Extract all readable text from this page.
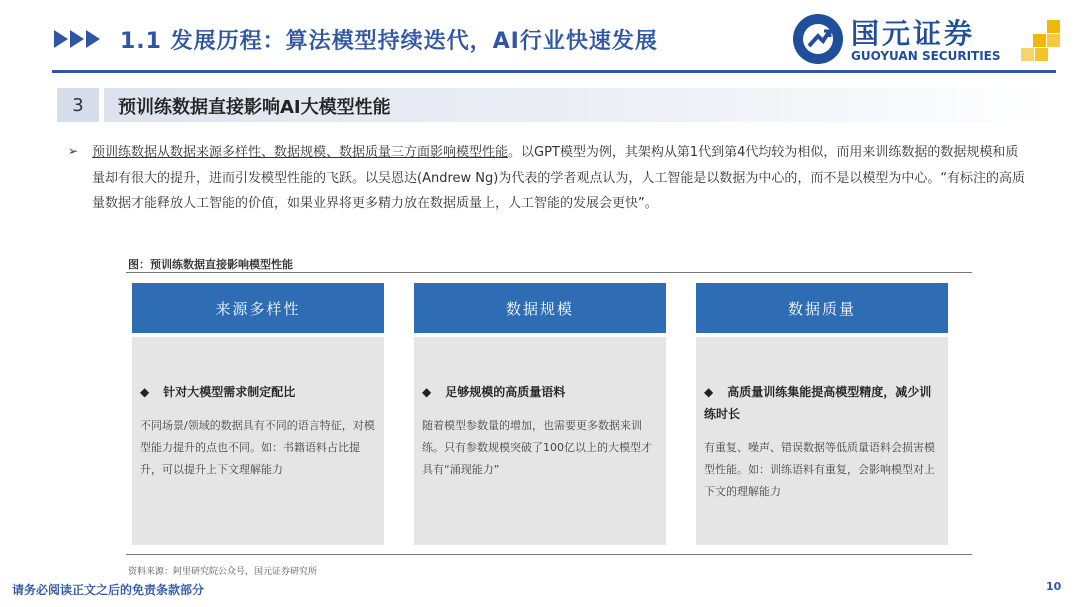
1.1 发展历程：算法模型持续迭代，AI行业快速发展	国元证券
GUOYUAN SECURITIES
3	预训练数据直接影响AI大模型性能
➢ 预训练数据从数据来源多样性、数据规模、数据质量三方面影响模型性能。以GPT模型为例，其架构从第1代到第4代均较为相似，而用来训练数据的数据规模和质量却有很大的提升，进而引发模型性能的飞跃。以吴恩达(Andrew Ng)为代表的学者观点认为，人工智能是以数据为中心的，而不是以模型为中心。“有标注的高质量数据才能释放人工智能的价值，如果业界将更多精力放在数据质量上，人工智能的发展会更快”。

图：预训练数据直接影响模型性能
来源多样性
◆ 针对大模型需求制定配比

不同场景/领域的数据具有不同的语言特征，对模型能力提升的点也不同。如：书籍语料占比提升，可以提升上下文理解能力

数据规模
◆ 足够规模的高质量语料

随着模型参数量的增加，也需要更多数据来训练。只有参数规模突破了100亿以上的大模型才具有“涌现能力”

数据质量
◆ 高质量训练集能提高模型精度，减少训练时长

有重复、噪声、错误数据等低质量语料会损害模型性能。如：训练语料有重复，会影响模型对上下文的理解能力

资料来源：阿里研究院公众号，国元证券研究所
请务必阅读正文之后的免责条款部分	10
